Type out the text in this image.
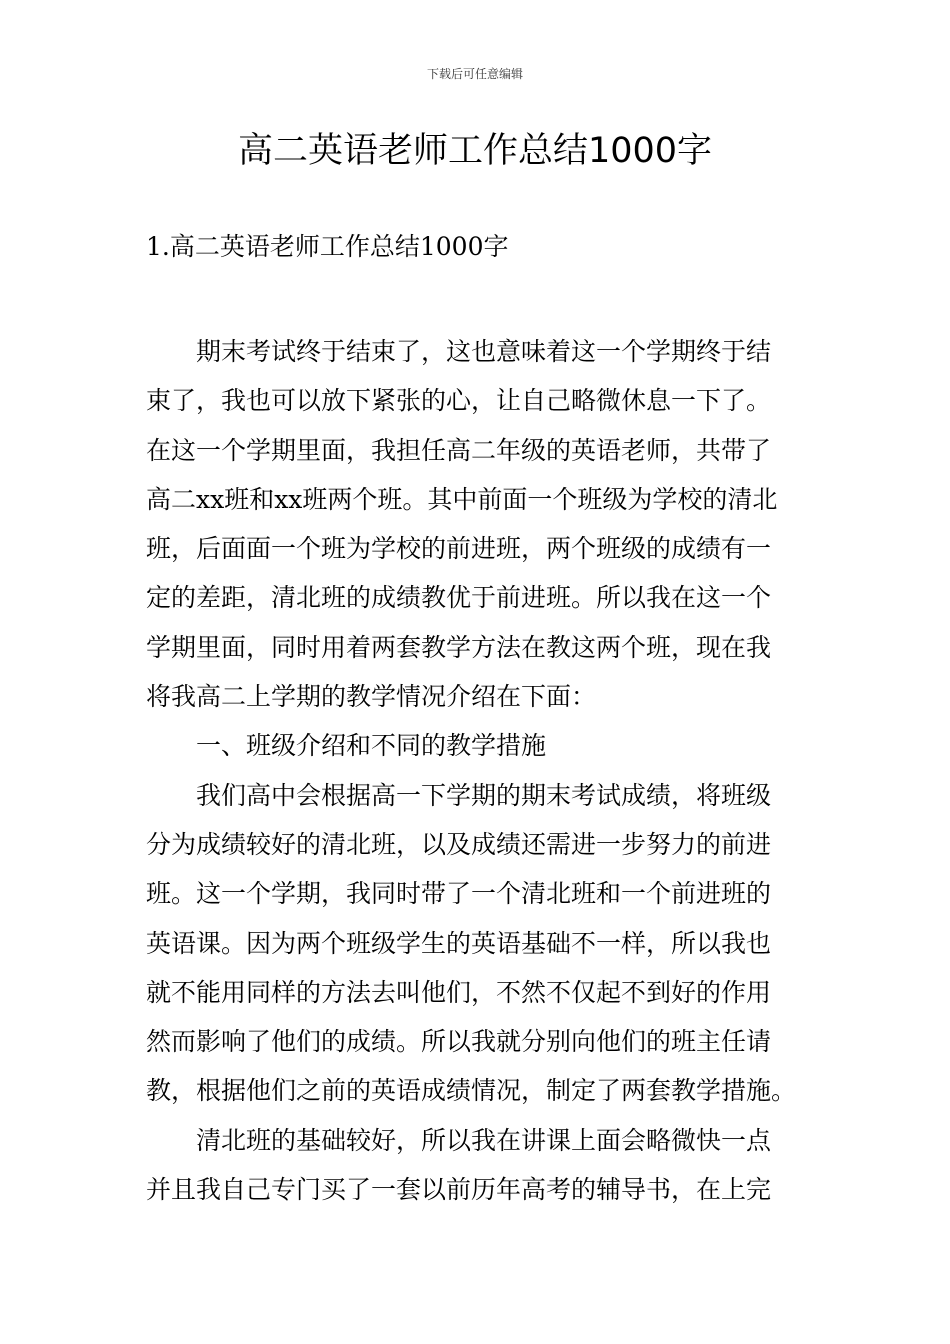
下载后可任意编辑
高二英语老师工作总结1000字
1.高二英语老师工作总结1000字
期末考试终于结束了，这也意味着这一个学期终于结
束了，我也可以放下紧张的心，让自己略微休息一下了。
在这一个学期里面，我担任高二年级的英语老师，共带了
高二xx班和xx班两个班。其中前面一个班级为学校的清北
班，后面面一个班为学校的前进班，两个班级的成绩有一
定的差距，清北班的成绩教优于前进班。所以我在这一个
学期里面，同时用着两套教学方法在教这两个班，现在我
将我高二上学期的教学情况介绍在下面：
一、班级介绍和不同的教学措施
我们高中会根据高一下学期的期末考试成绩，将班级
分为成绩较好的清北班，以及成绩还需进一步努力的前进
班。这一个学期，我同时带了一个清北班和一个前进班的
英语课。因为两个班级学生的英语基础不一样，所以我也
就不能用同样的方法去叫他们，不然不仅起不到好的作用
然而影响了他们的成绩。所以我就分别向他们的班主任请
教，根据他们之前的英语成绩情况，制定了两套教学措施。
清北班的基础较好，所以我在讲课上面会略微快一点
并且我自己专门买了一套以前历年高考的辅导书，在上完
